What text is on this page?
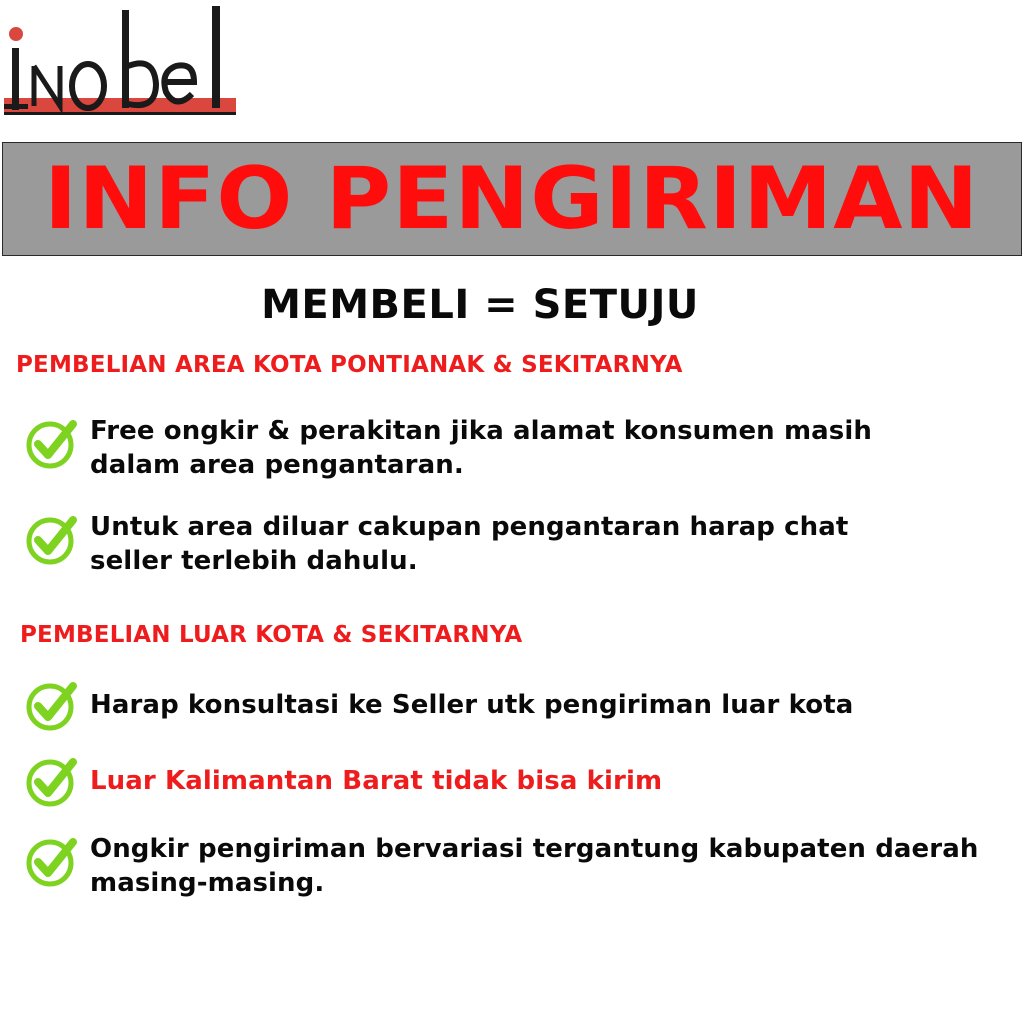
INFO PENGIRIMAN
MEMBELI = SETUJU
PEMBELIAN AREA KOTA PONTIANAK & SEKITARNYA
Free ongkir & perakitan jika alamat konsumen masih dalam area pengantaran.
Untuk area diluar cakupan pengantaran harap chat seller terlebih dahulu.
PEMBELIAN LUAR KOTA & SEKITARNYA
Harap konsultasi ke Seller utk pengiriman luar kota
Luar Kalimantan Barat tidak bisa kirim
Ongkir pengiriman bervariasi tergantung kabupaten daerah masing-masing.
